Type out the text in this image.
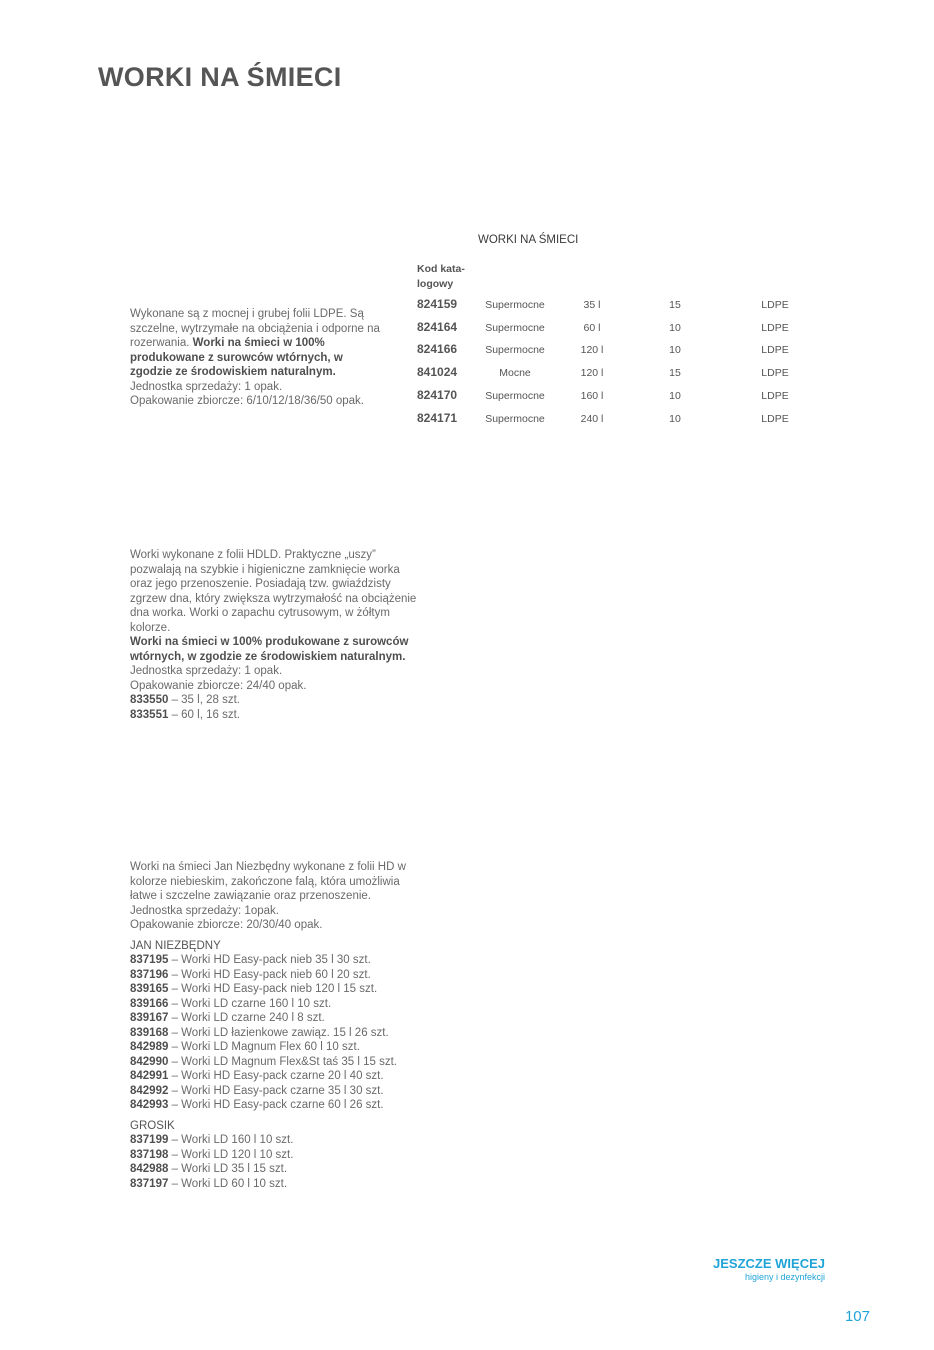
WORKI NA ŚMIECI
Wykonane są z mocnej i grubej folii LDPE. Są szczelne, wytrzymałe na obciążenia i odporne na rozerwania. Worki na śmieci w 100% produkowane z surowców wtórnych, w zgodzie ze środowiskiem naturalnym.

Jednostka sprzedaży: 1 opak.

Opakowanie zbiorcze: 6/10/12/18/36/50 opak.

WORKI NA ŚMIECI
Kod kata-logowy
824159	Supermocne	35 l	15	LDPE
824164	Supermocne	60 l	10	LDPE
824166	Supermocne	120 l	10	LDPE
841024	Mocne	120 l	15	LDPE
824170	Supermocne	160 l	10	LDPE
824171	Supermocne	240 l	10	LDPE
Worki wykonane z folii HDLD. Praktyczne „uszy” pozwalają na szybkie i higieniczne zamknięcie worka oraz jego przenoszenie. Posiadają tzw. gwiaździsty zgrzew dna, który zwiększa wytrzymałość na obciążenie dna worka. Worki o zapachu cytrusowym, w żółtym kolorze.

Worki na śmieci w 100% produkowane z surowców wtórnych, w zgodzie ze środowiskiem naturalnym.

Jednostka sprzedaży: 1 opak.

Opakowanie zbiorcze: 24/40 opak.

833550 – 35 l, 28 szt.
833551 – 60 l, 16 szt.
Worki na śmieci Jan Niezbędny wykonane z folii HD w kolorze niebieskim, zakończone falą, która umożliwia łatwe i szczelne zawiązanie oraz przenoszenie.

Jednostka sprzedaży: 1opak.

Opakowanie zbiorcze: 20/30/40 opak.

JAN NIEZBĘDNY
837195 – Worki HD Easy-pack nieb 35 l 30 szt.
837196 – Worki HD Easy-pack nieb 60 l 20 szt.
839165 – Worki HD Easy-pack nieb 120 l 15 szt.
839166 – Worki LD czarne 160 l 10 szt.
839167 – Worki LD czarne 240 l 8 szt.
839168 – Worki LD łazienkowe zawiąz. 15 l 26 szt.
842989 – Worki LD Magnum Flex 60 l 10 szt.
842990 – Worki LD Magnum Flex&St taś 35 l 15 szt.
842991 – Worki HD Easy-pack czarne 20 l 40 szt.
842992 – Worki HD Easy-pack czarne 35 l 30 szt.
842993 – Worki HD Easy-pack czarne 60 l 26 szt.
GROSIK
837199 – Worki LD 160 l 10 szt.
837198 – Worki LD 120 l 10 szt.
842988 – Worki LD 35 l 15 szt.
837197 – Worki LD 60 l 10 szt.
JESZCZE WIĘCEJ
higieny i dezynfekcji
107
